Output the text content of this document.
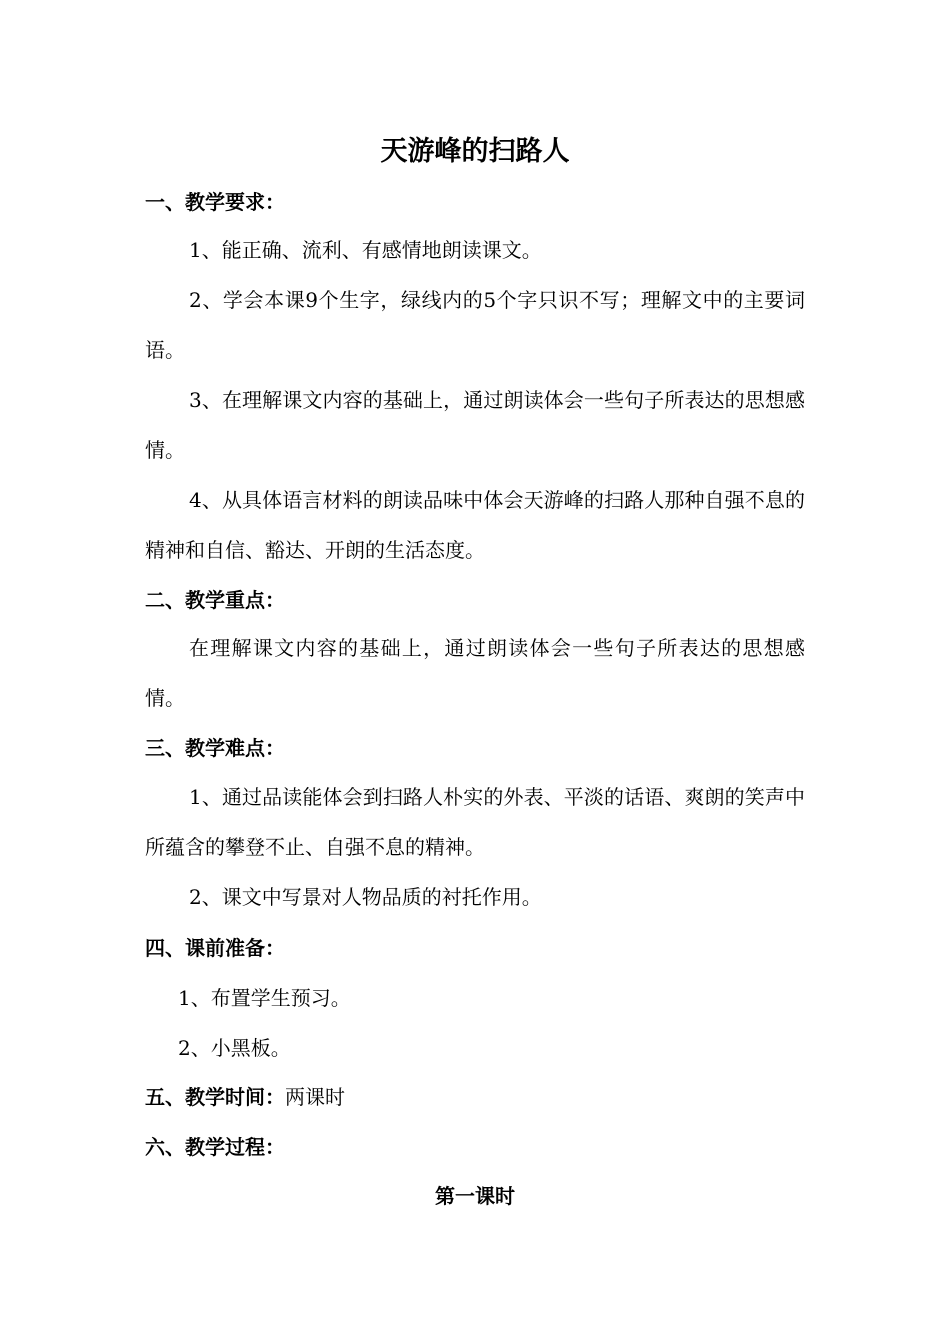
天游峰的扫路人
一、教学要求：

1、能正确、流利、有感情地朗读课文。

2、学会本课9个生字，绿线内的5个字只识不写；理解文中的主要词语。

3、在理解课文内容的基础上，通过朗读体会一些句子所表达的思想感情。

4、从具体语言材料的朗读品味中体会天游峰的扫路人那种自强不息的精神和自信、豁达、开朗的生活态度。

二、教学重点：

在理解课文内容的基础上，通过朗读体会一些句子所表达的思想感情。

三、教学难点：

1、通过品读能体会到扫路人朴实的外表、平淡的话语、爽朗的笑声中所蕴含的攀登不止、自强不息的精神。

2、课文中写景对人物品质的衬托作用。

四、课前准备：
1、布置学生预习。
2、小黑板。
五、教学时间：两课时
六、教学过程：
第一课时
